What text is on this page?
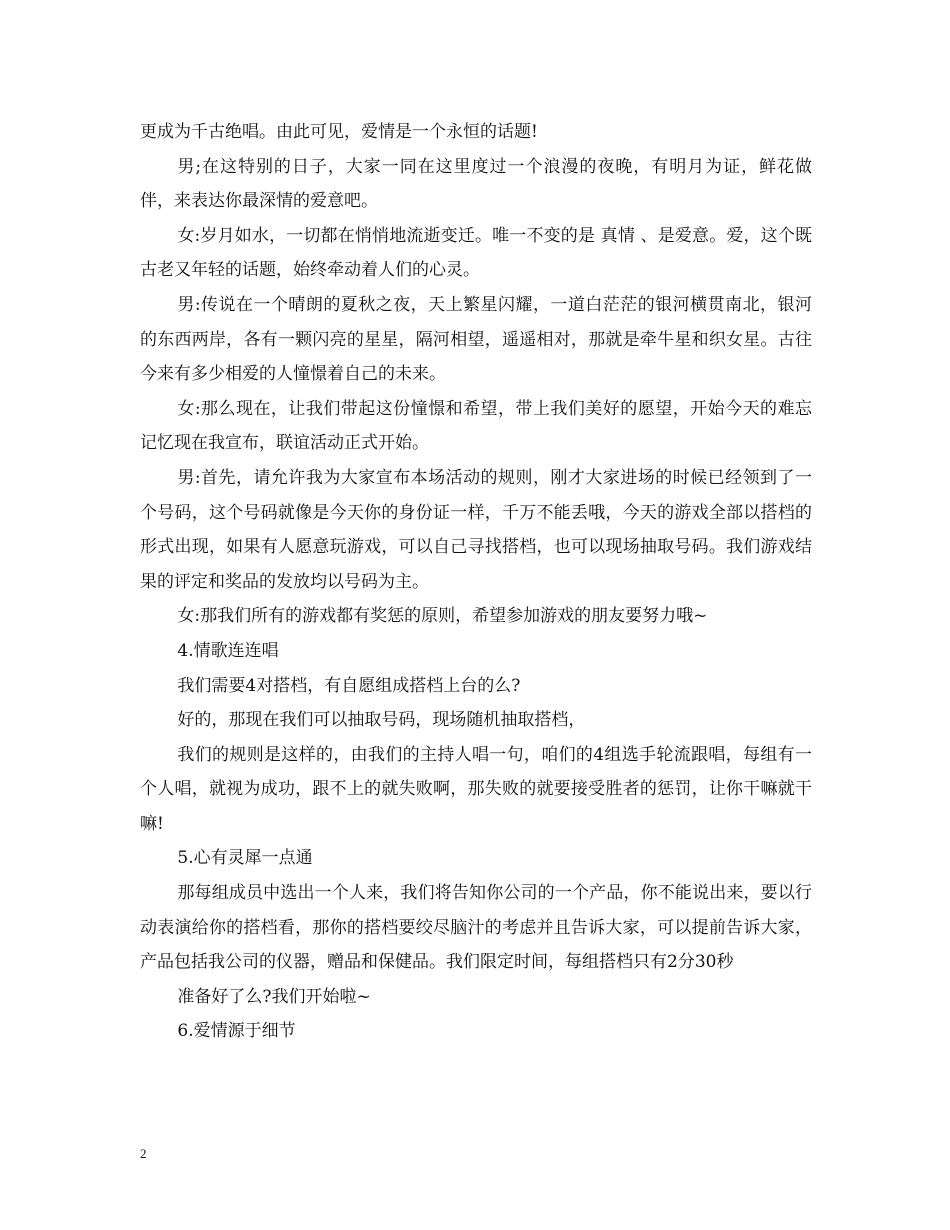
更成为千古绝唱。由此可见，爱情是一个永恒的话题!

男;在这特别的日子，大家一同在这里度过一个浪漫的夜晚，有明月为证，鲜花做伴，来表达你最深情的爱意吧。

女:岁月如水，一切都在悄悄地流逝变迁。唯一不变的是 真情 、是爱意。爱，这个既古老又年轻的话题，始终牵动着人们的心灵。

男:传说在一个晴朗的夏秋之夜，天上繁星闪耀，一道白茫茫的银河横贯南北，银河的东西两岸，各有一颗闪亮的星星，隔河相望，遥遥相对，那就是牵牛星和织女星。古往今来有多少相爱的人憧憬着自己的未来。

女:那么现在，让我们带起这份憧憬和希望，带上我们美好的愿望，开始今天的难忘记忆现在我宣布，联谊活动正式开始。

男:首先，请允许我为大家宣布本场活动的规则，刚才大家进场的时候已经领到了一个号码，这个号码就像是今天你的身份证一样，千万不能丢哦，今天的游戏全部以搭档的形式出现，如果有人愿意玩游戏，可以自己寻找搭档，也可以现场抽取号码。我们游戏结果的评定和奖品的发放均以号码为主。

女:那我们所有的游戏都有奖惩的原则，希望参加游戏的朋友要努力哦~

4.情歌连连唱

我们需要4对搭档，有自愿组成搭档上台的么?

好的，那现在我们可以抽取号码，现场随机抽取搭档，

我们的规则是这样的，由我们的主持人唱一句，咱们的4组选手轮流跟唱，每组有一个人唱，就视为成功，跟不上的就失败啊，那失败的就要接受胜者的惩罚，让你干嘛就干嘛!

5.心有灵犀一点通

那每组成员中选出一个人来，我们将告知你公司的一个产品，你不能说出来，要以行动表演给你的搭档看，那你的搭档要绞尽脑汁的考虑并且告诉大家，可以提前告诉大家，产品包括我公司的仪器，赠品和保健品。我们限定时间，每组搭档只有2分30秒

准备好了么?我们开始啦~

6.爱情源于细节

2
